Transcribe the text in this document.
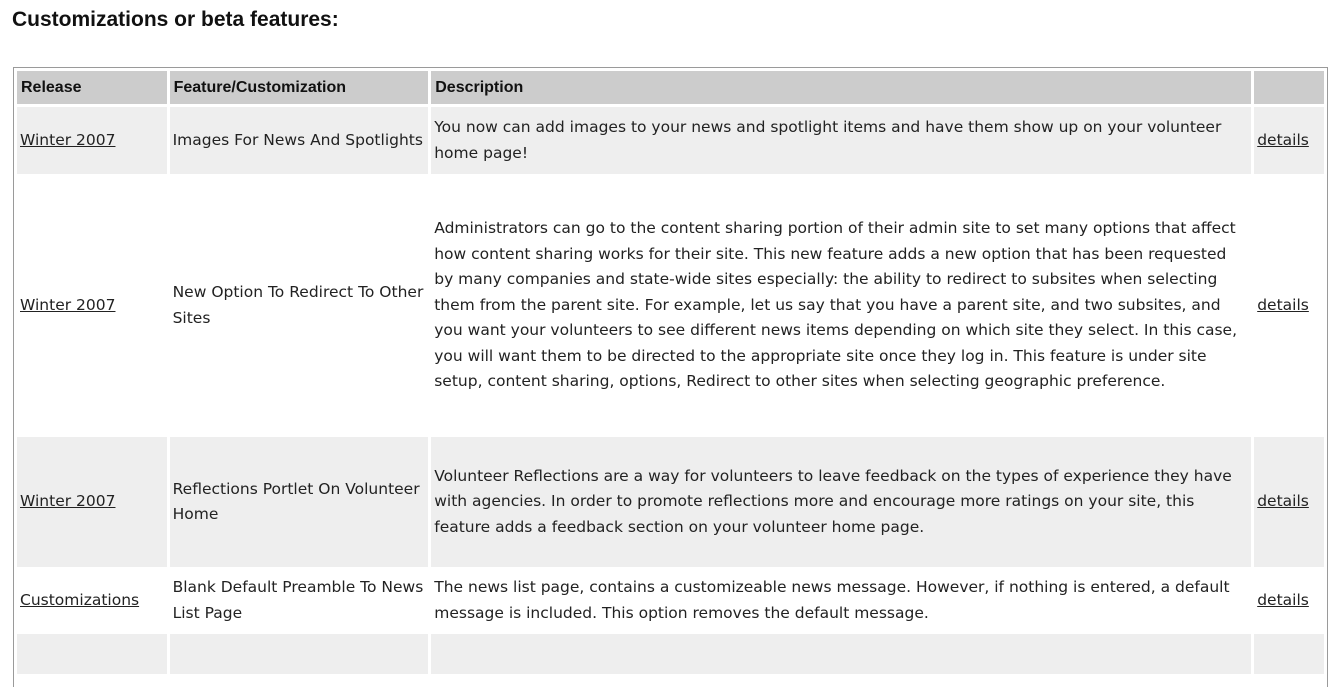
Customizations or beta features:
Release	Feature/Customization	Description	
Winter 2007	Images For News And Spotlights	You now can add images to your news and spotlight items and have them show up on your volunteer home page!	details
Winter 2007	New Option To Redirect To Other Sites	Administrators can go to the content sharing portion of their admin site to set many options that affect how content sharing works for their site. This new feature adds a new option that has been requested by many companies and state-wide sites especially: the ability to redirect to subsites when selecting them from the parent site. For example, let us say that you have a parent site, and two subsites, and you want your volunteers to see different news items depending on which site they select. In this case, you will want them to be directed to the appropriate site once they log in. This feature is under site setup, content sharing, options, Redirect to other sites when selecting geographic preference.	details
Winter 2007	Reflections Portlet On Volunteer Home	Volunteer Reflections are a way for volunteers to leave feedback on the types of experience they have with agencies. In order to promote reflections more and encourage more ratings on your site, this feature adds a feedback section on your volunteer home page.	details
Customizations	Blank Default Preamble To News List Page	The news list page, contains a customizeable news message. However, if nothing is entered, a default message is included. This option removes the default message.	details
